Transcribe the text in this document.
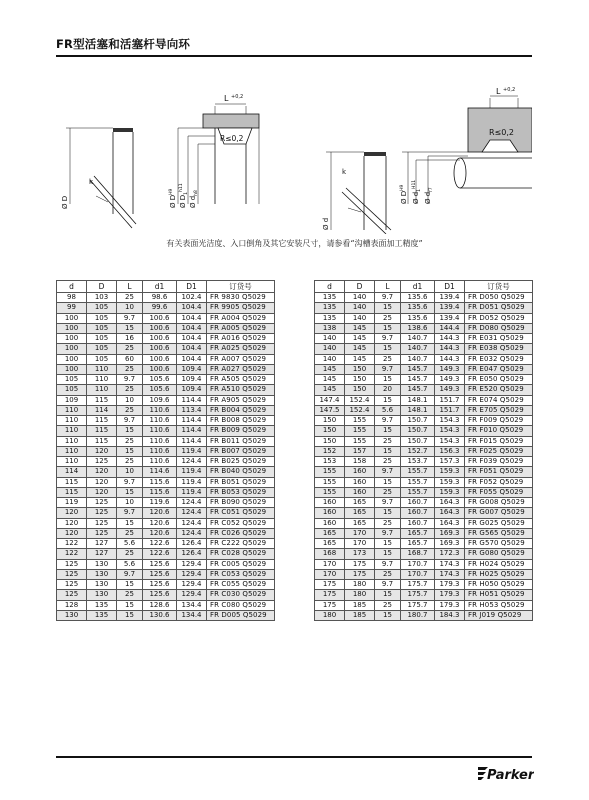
FR型活塞和活塞杆导向环
L +0,2
R≤0,2
k
L +0,2
R≤0,2
k
Ø D	Ø $D^{H9}$
Ø $D_1^{h11}$
Ø $d_{h8}$
Ø d
Ø $D^{H9}$
Ø $d_1^{H11}$
Ø $d_{f7}$
有关表面光洁度、入口倒角及其它安装尺寸，请参看“沟槽表面加工精度”
d	D	L	d1	D1	订货号
98	103	25	98.6	102.4	FR 9830 Q5029
99	105	10	99.6	104.4	FR 9905 Q5029
100	105	9.7	100.6	104.4	FR A004 Q5029
100	105	15	100.6	104.4	FR A005 Q5029
100	105	16	100.6	104.4	FR A016 Q5029
100	105	25	100.6	104.4	FR A025 Q5029
100	105	60	100.6	104.4	FR A007 Q5029
100	110	25	100.6	109.4	FR A027 Q5029
105	110	9.7	105.6	109.4	FR A505 Q5029
105	110	25	105.6	109.4	FR A510 Q5029
109	115	10	109.6	114.4	FR A905 Q5029
110	114	25	110.6	113.4	FR B004 Q5029
110	115	9.7	110.6	114.4	FR B008 Q5029
110	115	15	110.6	114.4	FR B009 Q5029
110	115	25	110.6	114.4	FR B011 Q5029
110	120	15	110.6	119.4	FR B007 Q5029
110	125	25	110.6	124.4	FR B025 Q5029
114	120	10	114.6	119.4	FR B040 Q5029
115	120	9.7	115.6	119.4	FR B051 Q5029
115	120	15	115.6	119.4	FR B053 Q5029
119	125	10	119.6	124.4	FR B090 Q5029
120	125	9.7	120.6	124.4	FR C051 Q5029
120	125	15	120.6	124.4	FR C052 Q5029
120	125	25	120.6	124.4	FR C026 Q5029
122	127	5.6	122.6	126.4	FR C222 Q5029
122	127	25	122.6	126.4	FR C028 Q5029
125	130	5.6	125.6	129.4	FR C005 Q5029
125	130	9.7	125.6	129.4	FR C053 Q5029
125	130	15	125.6	129.4	FR C055 Q5029
125	130	25	125.6	129.4	FR C030 Q5029
128	135	15	128.6	134.4	FR C080 Q5029
130	135	15	130.6	134.4	FR D005 Q5029
d	D	L	d1	D1	订货号
135	140	9.7	135.6	139.4	FR D050 Q5029
135	140	15	135.6	139.4	FR D051 Q5029
135	140	25	135.6	139.4	FR D052 Q5029
138	145	15	138.6	144.4	FR D080 Q5029
140	145	9.7	140.7	144.3	FR E031 Q5029
140	145	15	140.7	144.3	FR E038 Q5029
140	145	25	140.7	144.3	FR E032 Q5029
145	150	9.7	145.7	149.3	FR E047 Q5029
145	150	15	145.7	149.3	FR E050 Q5029
145	150	20	145.7	149.3	FR E520 Q5029
147.4	152.4	15	148.1	151.7	FR E074 Q5029
147.5	152.4	5.6	148.1	151.7	FR E705 Q5029
150	155	9.7	150.7	154.3	FR F009 Q5029
150	155	15	150.7	154.3	FR F010 Q5029
150	155	25	150.7	154.3	FR F015 Q5029
152	157	15	152.7	156.3	FR F025 Q5029
153	158	25	153.7	157.3	FR F039 Q5029
155	160	9.7	155.7	159.3	FR F051 Q5029
155	160	15	155.7	159.3	FR F052 Q5029
155	160	25	155.7	159.3	FR F055 Q5029
160	165	9.7	160.7	164.3	FR G008 Q5029
160	165	15	160.7	164.3	FR G007 Q5029
160	165	25	160.7	164.3	FR G025 Q5029
165	170	9.7	165.7	169.3	FR G565 Q5029
165	170	15	165.7	169.3	FR G570 Q5029
168	173	15	168.7	172.3	FR G080 Q5029
170	175	9.7	170.7	174.3	FR H024 Q5029
170	175	25	170.7	174.3	FR H025 Q5029
175	180	9.7	175.7	179.3	FR H050 Q5029
175	180	15	175.7	179.3	FR H051 Q5029
175	185	25	175.7	179.3	FR H053 Q5029
180	185	15	180.7	184.3	FR J019 Q5029
Parker
